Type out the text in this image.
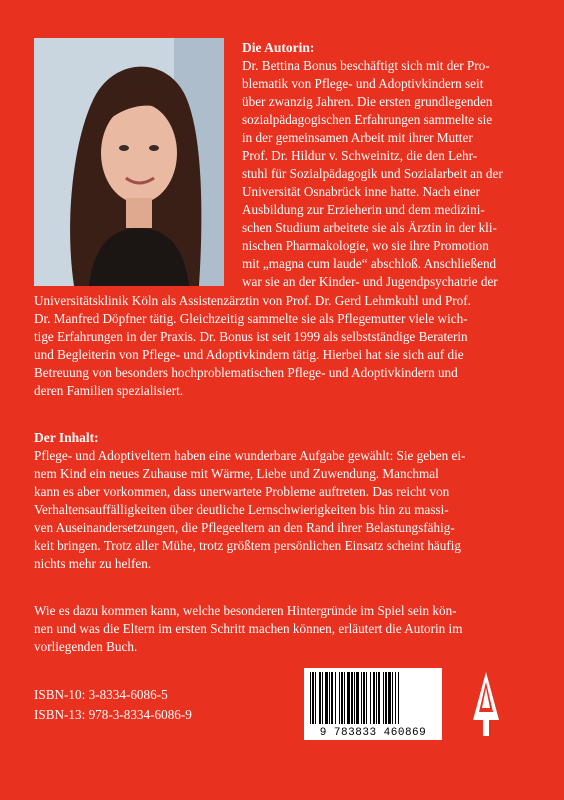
Die Autorin:
Dr. Bettina Bonus beschäftigt sich mit der Pro-
blematik von Pflege- und Adoptivkindern seit
über zwanzig Jahren. Die ersten grundlegenden
sozialpädagogischen Erfahrungen sammelte sie
in der gemeinsamen Arbeit mit ihrer Mutter
Prof. Dr. Hildur v. Schweinitz, die den Lehr-
stuhl für Sozialpädagogik und Sozialarbeit an der
Universität Osnabrück inne hatte. Nach einer
Ausbildung zur Erzieherin und dem medizini-
schen Studium arbeitete sie als Ärztin in der kli-
nischen Pharmakologie, wo sie ihre Promotion
mit „magna cum laude“ abschloß. Anschließend
war sie an der Kinder- und Jugendpsychatrie der
Universitätsklinik Köln als Assistenzärztin von Prof. Dr. Gerd Lehmkuhl und Prof.
Dr. Manfred Döpfner tätig. Gleichzeitig sammelte sie als Pflegemutter viele wich-
tige Erfahrungen in der Praxis. Dr. Bonus ist seit 1999 als selbstständige Beraterin
und Begleiterin von Pflege- und Adoptivkindern tätig. Hierbei hat sie sich auf die
Betreuung von besonders hochproblematischen Pflege- und Adoptivkindern und
deren Familien spezialisiert.
Der Inhalt:
Pflege- und Adoptiveltern haben eine wunderbare Aufgabe gewählt: Sie geben ei-
nem Kind ein neues Zuhause mit Wärme, Liebe und Zuwendung. Manchmal
kann es aber vorkommen, dass unerwartete Probleme auftreten. Das reicht von
Verhaltensauffälligkeiten über deutliche Lernschwierigkeiten bis hin zu massi-
ven Auseinandersetzungen, die Pflegeeltern an den Rand ihrer Belastungsfähig-
keit bringen. Trotz aller Mühe, trotz größtem persönlichen Einsatz scheint häufig
nichts mehr zu helfen.
Wie es dazu kommen kann, welche besonderen Hintergründe im Spiel sein kön-
nen und was die Eltern im ersten Schritt machen können, erläutert die Autorin im
vorliegenden Buch.
ISBN-10: 3-8334-6086-5
ISBN-13: 978-3-8334-6086-9
9 783833 460869
